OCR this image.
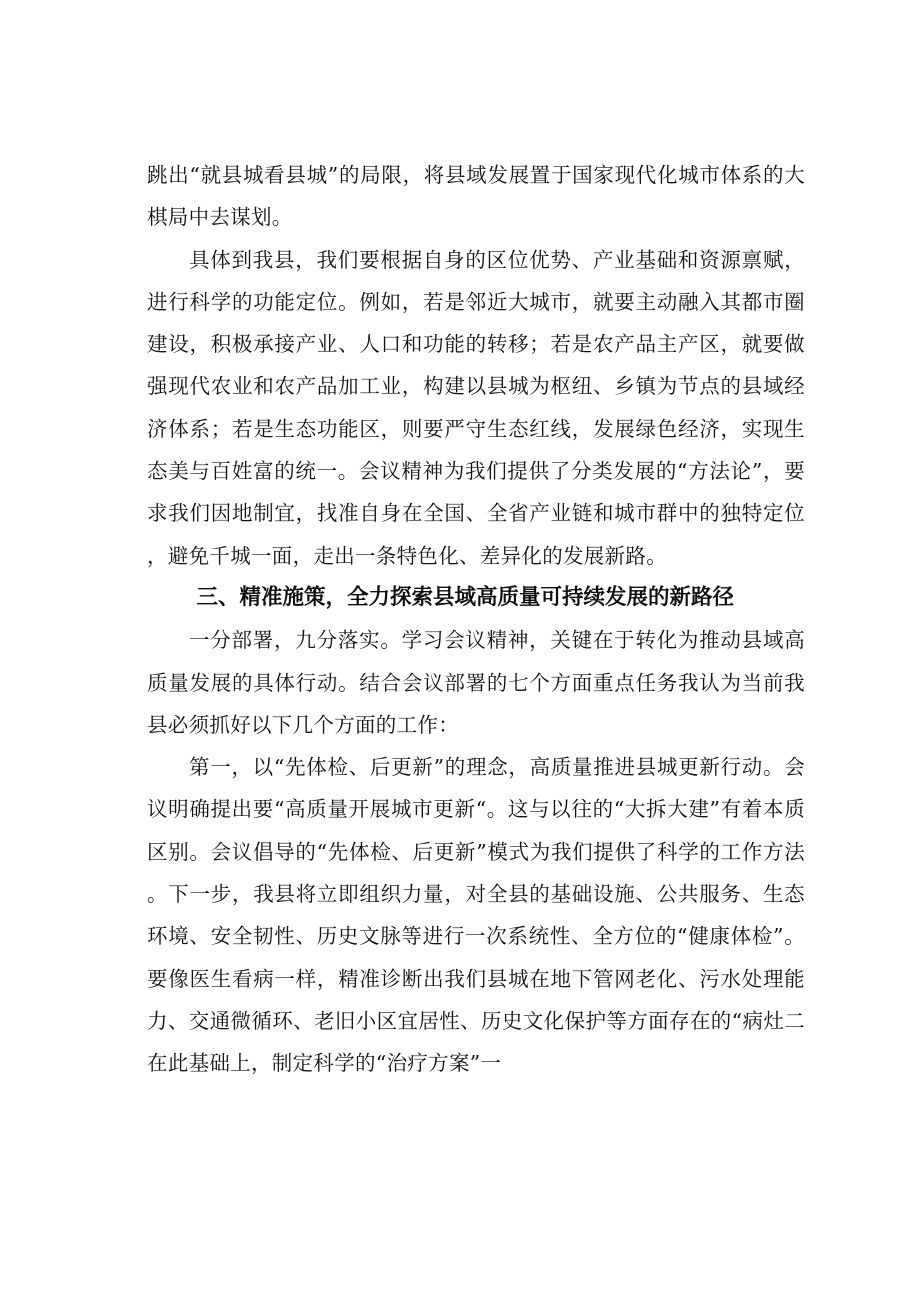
跳出“就县城看县城”的局限，将县域发展置于国家现代化城市体系的大棋局中去谋划。

具体到我县，我们要根据自身的区位优势、产业基础和资源禀赋，进行科学的功能定位。例如，若是邻近大城市，就要主动融入其都市圈建设，积极承接产业、人口和功能的转移；若是农产品主产区，就要做强现代农业和农产品加工业，构建以县城为枢纽、乡镇为节点的县域经济体系；若是生态功能区，则要严守生态红线，发展绿色经济，实现生态美与百姓富的统一。会议精神为我们提供了分类发展的“方法论”，要求我们因地制宜，找准自身在全国、全省产业链和城市群中的独特定位，避免千城一面，走出一条特色化、差异化的发展新路。

三、精准施策，全力探索县域高质量可持续发展的新路径

一分部署，九分落实。学习会议精神，关键在于转化为推动县域高质量发展的具体行动。结合会议部署的七个方面重点任务我认为当前我县必须抓好以下几个方面的工作：

第一，以“先体检、后更新”的理念，高质量推进县城更新行动。会议明确提出要“高质量开展城市更新“。这与以往的“大拆大建”有着本质区别。会议倡导的“先体检、后更新”模式为我们提供了科学的工作方法。下一步，我县将立即组织力量，对全县的基础设施、公共服务、生态环境、安全韧性、历史文脉等进行一次系统性、全方位的“健康体检”。要像医生看病一样，精准诊断出我们县城在地下管网老化、污水处理能力、交通微循环、老旧小区宜居性、历史文化保护等方面存在的“病灶二在此基础上，制定科学的“治疗方案”一
